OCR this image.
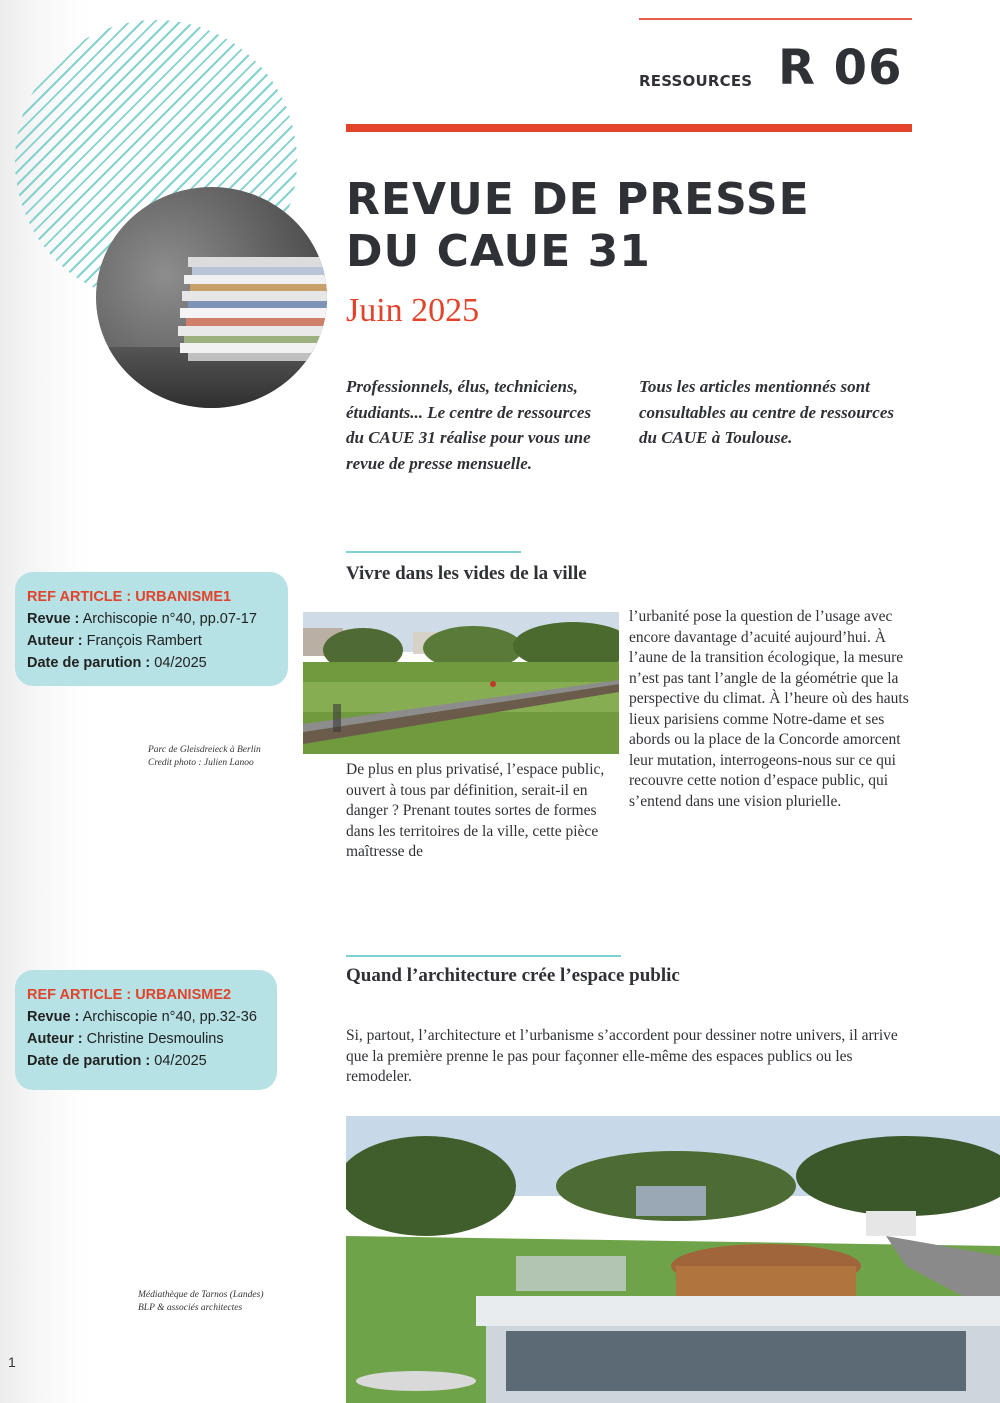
RESSOURCES R 06
REVUE DE PRESSE
DU CAUE 31
Juin 2025
Professionnels, élus, techniciens, étudiants... Le centre de ressources du CAUE 31 réalise pour vous une revue de presse mensuelle.
Tous les articles mentionnés sont consultables au centre de ressources du CAUE à Toulouse.
Vivre dans les vides de la ville
REF ARTICLE : URBANISME1
Revue : Archiscopie n°40, pp.07-17
Auteur : François Rambert
Date de parution : 04/2025
Parc de Gleisdreieck à Berlin
Credit photo : Julien Lanoo	De plus en plus privatisé, l’espace public, ouvert à tous par définition, serait-il en danger ? Prenant toutes sortes de formes dans les territoires de la ville, cette pièce maîtresse de
l’urbanité pose la question de l’usage avec encore davantage d’acuité aujourd’hui. À l’aune de la transition écologique, la mesure n’est pas tant l’angle de la géométrie que la perspective du climat. À l’heure où des hauts lieux parisiens comme Notre-dame et ses abords ou la place de la Concorde amorcent leur mutation, interrogeons-nous sur ce qui recouvre cette notion d’espace public, qui s’entend dans une vision plurielle.
Quand l’architecture crée l’espace public
REF ARTICLE : URBANISME2
Revue : Archiscopie n°40, pp.32-36
Auteur : Christine Desmoulins
Date de parution : 04/2025
Si, partout, l’architecture et l’urbanisme s’accordent pour dessiner notre univers, il arrive que la première prenne le pas pour façonner elle-même des espaces publics ou les remodeler.
Médiathèque de Tarnos (Landes)
BLP & associés architectes
1
